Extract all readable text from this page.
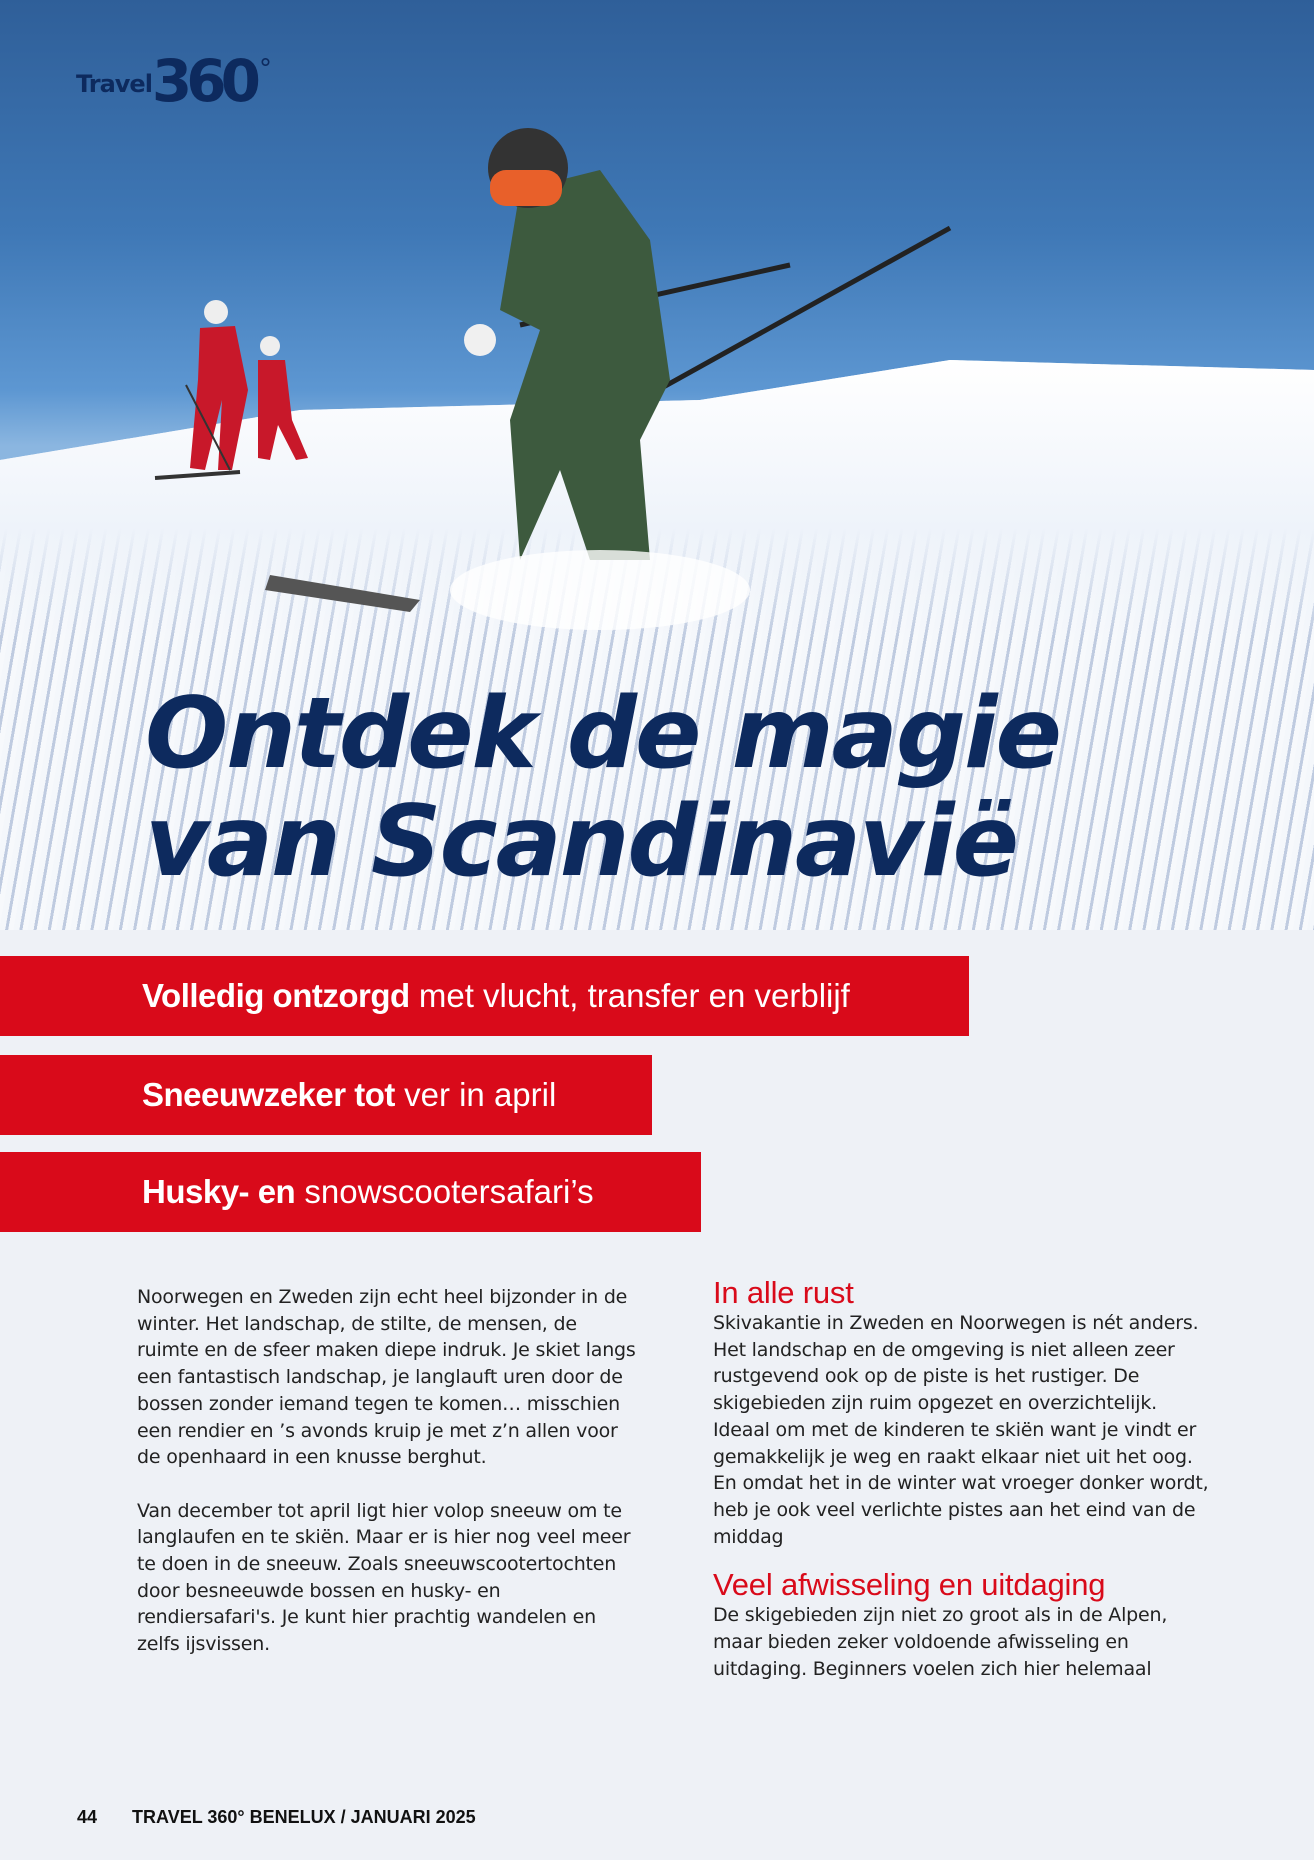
Travel 360 °
Ontdek de magie
van Scandinavië
Volledig ontzorgd met vlucht, transfer en verblijf
Sneeuwzeker tot ver in april
Husky- en snowscootersafari’s

Noorwegen en Zweden zijn echt heel bijzonder in de winter. Het landschap, de stilte, de mensen, de ruimte en de sfeer maken diepe indruk. Je skiet langs een fantastisch landschap, je langlauft uren door de bossen zonder iemand tegen te komen… misschien een rendier en ’s avonds kruip je met z’n allen voor de openhaard in een knusse berghut.

Van december tot april ligt hier volop sneeuw om te langlaufen en te skiën. Maar er is hier nog veel meer te doen in de sneeuw. Zoals sneeuwscootertochten door besneeuwde bossen en husky- en rendiersafari's. Je kunt hier prachtig wandelen en zelfs ijsvissen.

In alle rust

Skivakantie in Zweden en Noorwegen is nét anders. Het landschap en de omgeving is niet alleen zeer rustgevend ook op de piste is het rustiger. De skigebieden zijn ruim opgezet en overzichtelijk. Ideaal om met de kinderen te skiën want je vindt er gemakkelijk je weg en raakt elkaar niet uit het oog. En omdat het in de winter wat vroeger donker wordt, heb je ook veel verlichte pistes aan het eind van de middag

Veel afwisseling en uitdaging

De skigebieden zijn niet zo groot als in de Alpen, maar bieden zeker voldoende afwisseling en uitdaging. Beginners voelen zich hier helemaal

44 TRAVEL 360° BENELUX / JANUARI 2025
